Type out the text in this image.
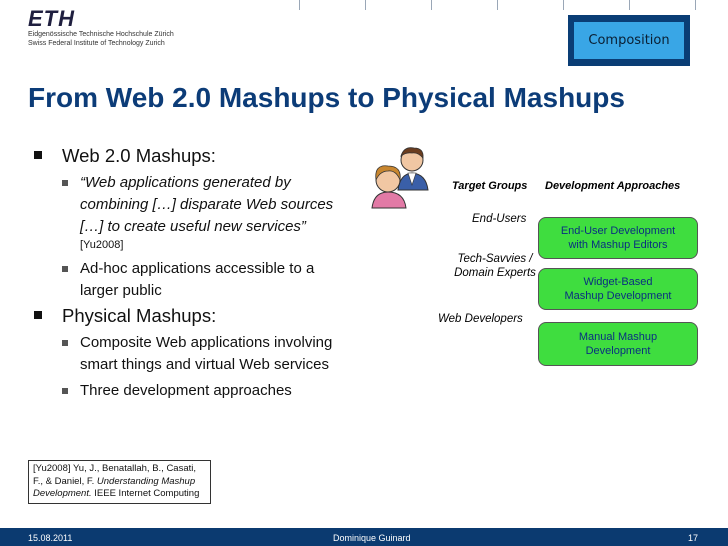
ETH
Eidgenössische Technische Hochschule Zürich
Swiss Federal Institute of Technology Zurich	Composition
From Web 2.0 Mashups to Physical Mashups
Web 2.0 Mashups:
“Web applications generated by
combining […] disparate Web sources
[…] to create useful new services”
[Yu2008]
Ad-hoc applications accessible to a
larger public
Physical Mashups:
Composite Web applications involving
smart things and virtual Web services
Three development approaches
Target Groups Development Approaches
End-Users
Tech-Savvies /
Domain Experts
Web Developers
End-User Development
with Mashup Editors
Widget-Based
Mashup Development
Manual Mashup
Development
[Yu2008] Yu, J., Benatallah, B., Casati,
F., & Daniel, F. Understanding Mashup
Development. IEEE Internet Computing
15.08.2011	Dominique Guinard	17
